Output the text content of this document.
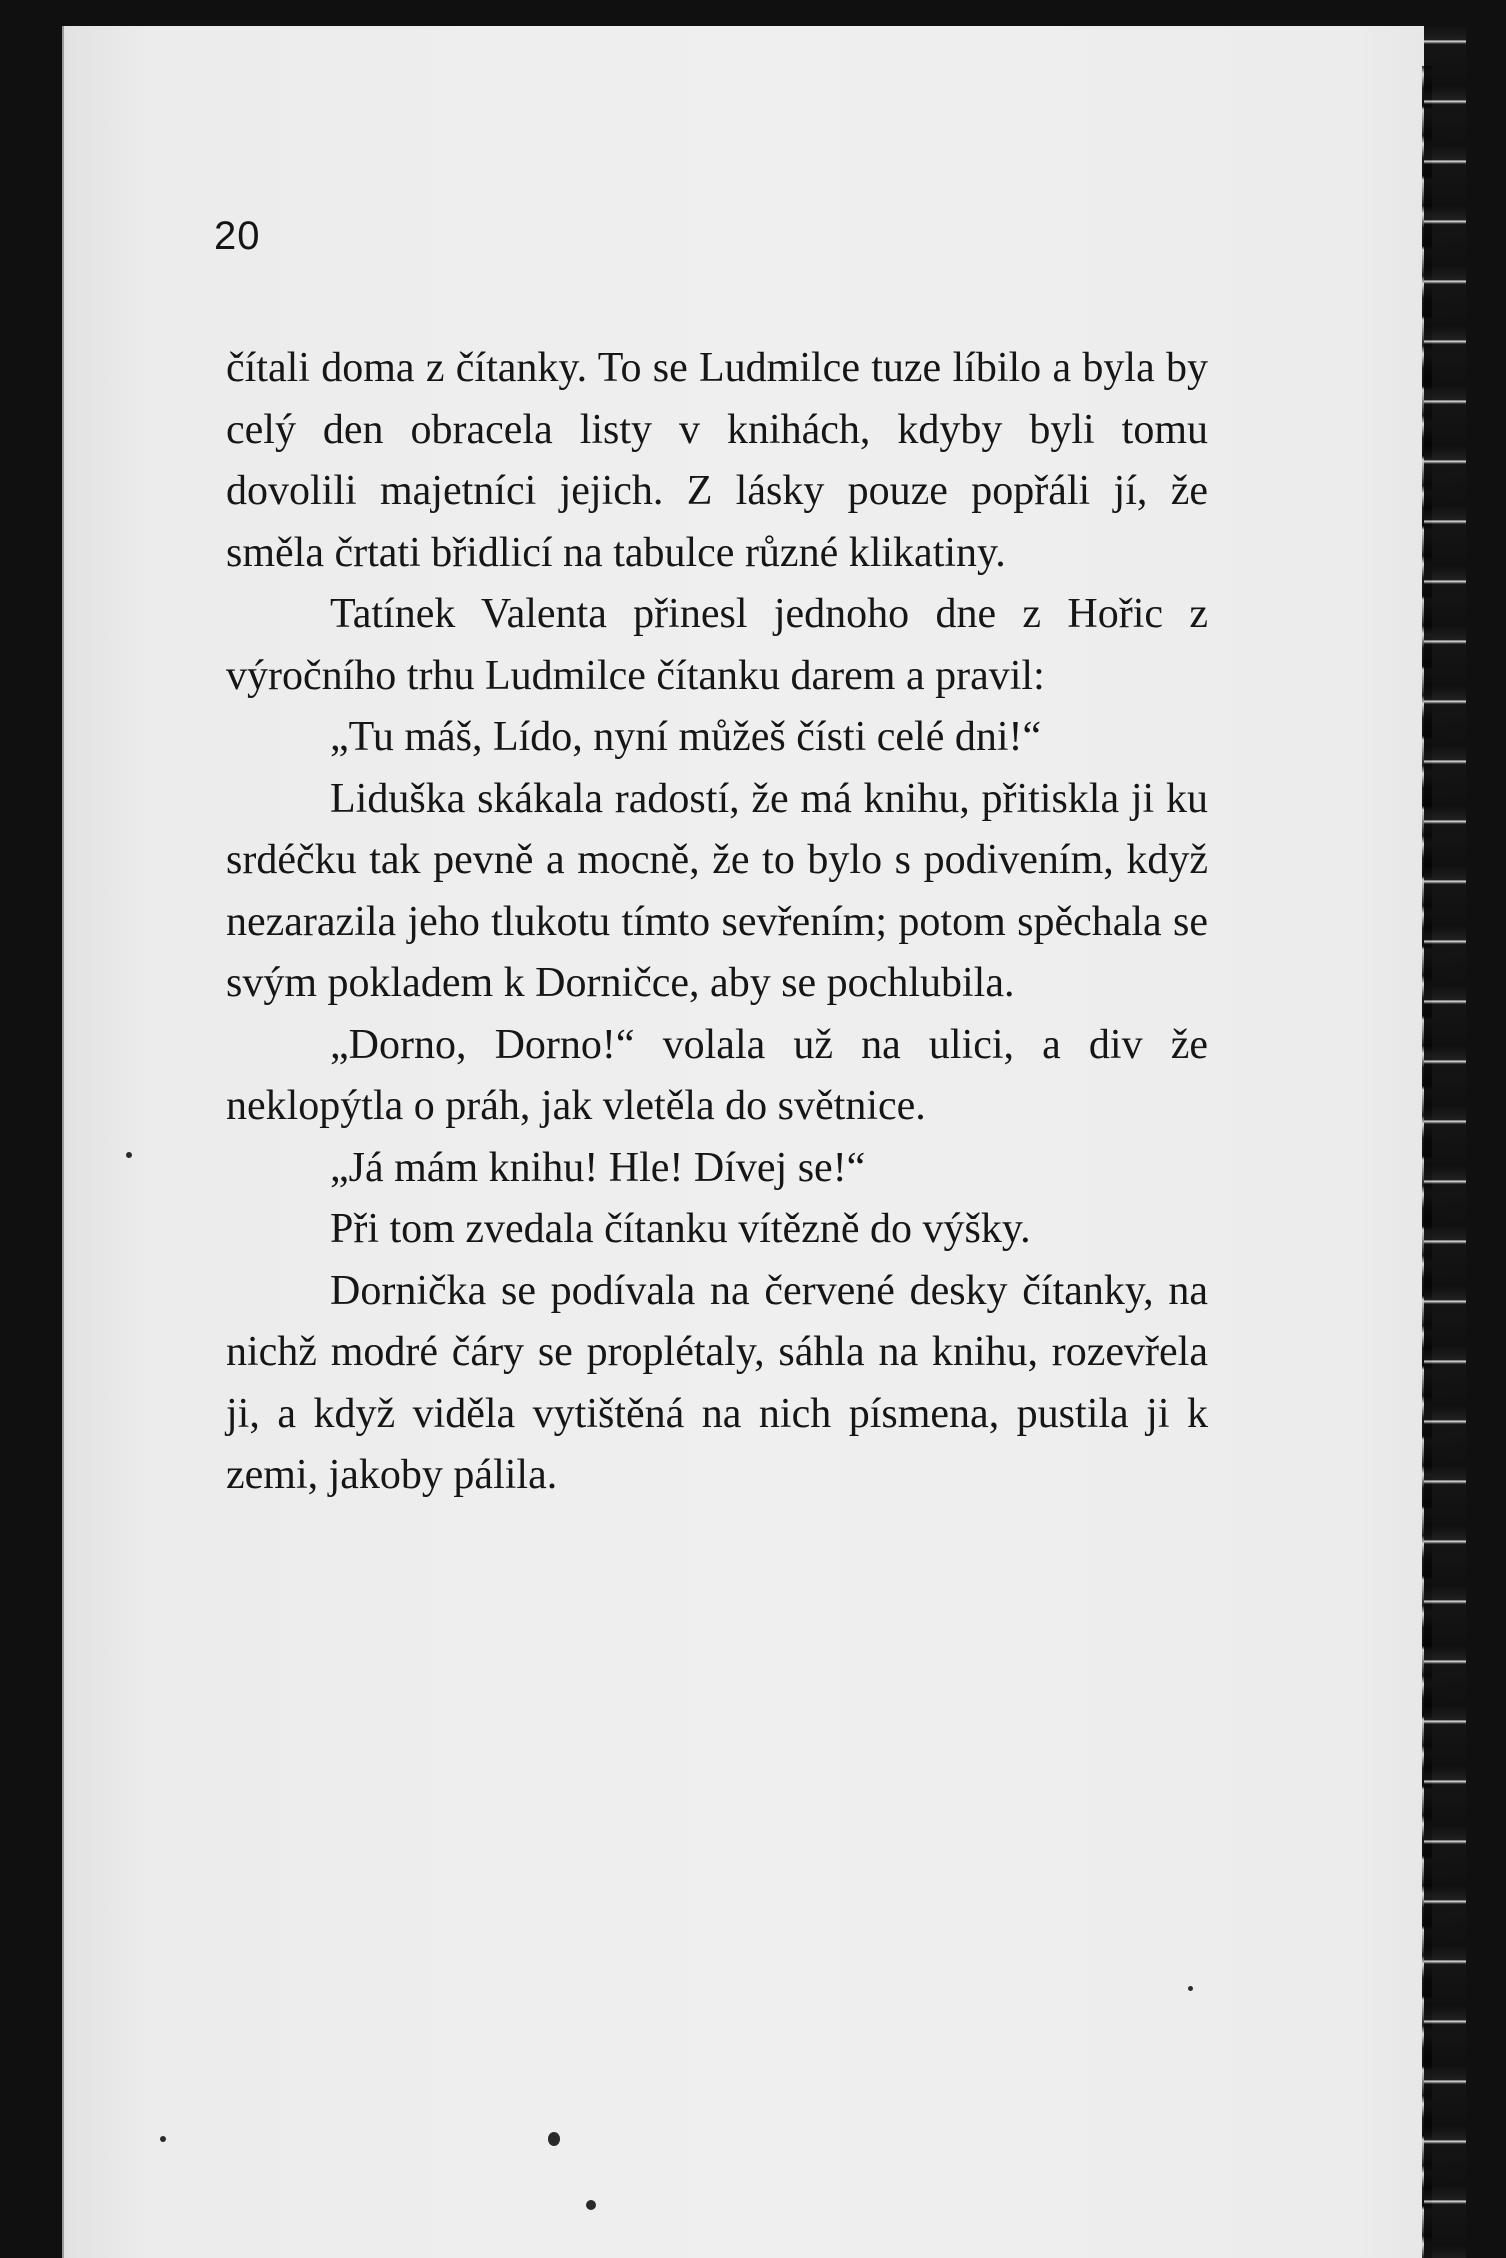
20

čítali doma z čítanky. To se Ludmilce tuze líbilo a byla by celý den obracela listy v knihách, kdyby byli tomu dovolili majetníci jejich. Z lásky pouze popřáli jí, že směla črtati břidlicí na tabulce různé klikatiny.

Tatínek Valenta přinesl jednoho dne z Hořic z výročního trhu Ludmilce čítanku darem a pravil:

„Tu máš, Lído, nyní můžeš čísti celé dni!“

Liduška skákala radostí, že má knihu, přitiskla ji ku srdéčku tak pevně a mocně, že to bylo s podivením, když nezarazila jeho tlukotu tímto sevřením; potom spěchala se svým pokladem k Dorničce, aby se pochlubila.

„Dorno, Dorno!“ volala už na ulici, a div že neklopýtla o práh, jak vletěla do světnice.

„Já mám knihu! Hle! Dívej se!“

Při tom zvedala čítanku vítězně do výšky.

Dornička se podívala na červené desky čítanky, na nichž modré čáry se proplétaly, sáhla na knihu, rozevřela ji, a když viděla vytištěná na nich písmena, pustila ji k zemi, jakoby pálila.
